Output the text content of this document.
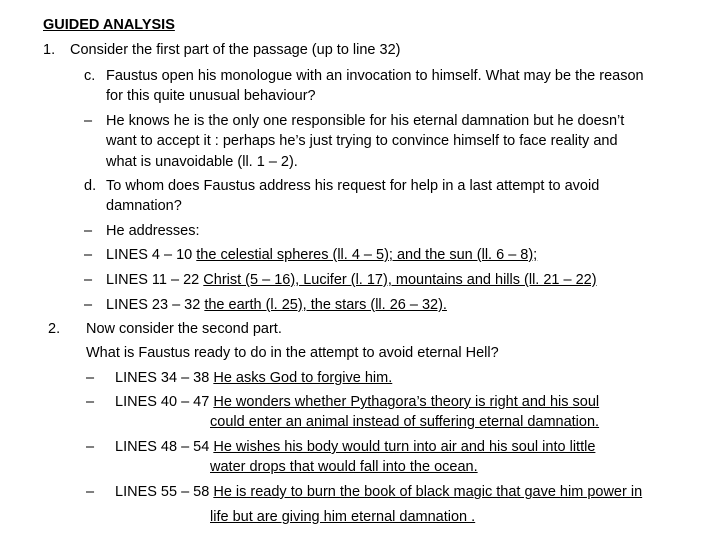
GUIDED ANALYSIS
1. Consider the first part of the passage (up to line 32)
c. Faustus open his monologue with an invocation to himself. What may be the reason
for this quite unusual behaviour?
– He knows he is the only one responsible for his eternal damnation but he doesn’t
want to accept it : perhaps he’s just trying to convince himself to face reality and
what is unavoidable (ll. 1 – 2).
d. To whom does Faustus address his request for help in a last attempt to avoid
damnation?
– He addresses:
– LINES 4 – 10 the celestial spheres (ll. 4 – 5); and the sun (ll. 6 – 8);
– LINES 11 – 22 Christ (5 – 16), Lucifer (l. 17), mountains and hills (ll. 21 – 22)
– LINES 23 – 32 the earth (l. 25), the stars (ll. 26 – 32).
2. Now consider the second part.
What is Faustus ready to do in the attempt to avoid eternal Hell?
– LINES 34 – 38 He asks God to forgive him.
– LINES 40 – 47 He wonders whether Pythagora’s theory is right and his soul
could enter an animal instead of suffering eternal damnation.
– LINES 48 – 54 He wishes his body would turn into air and his soul into little
water drops that would fall into the ocean.
– LINES 55 – 58 He is ready to burn the book of black magic that gave him power in
life but are giving him eternal damnation .
